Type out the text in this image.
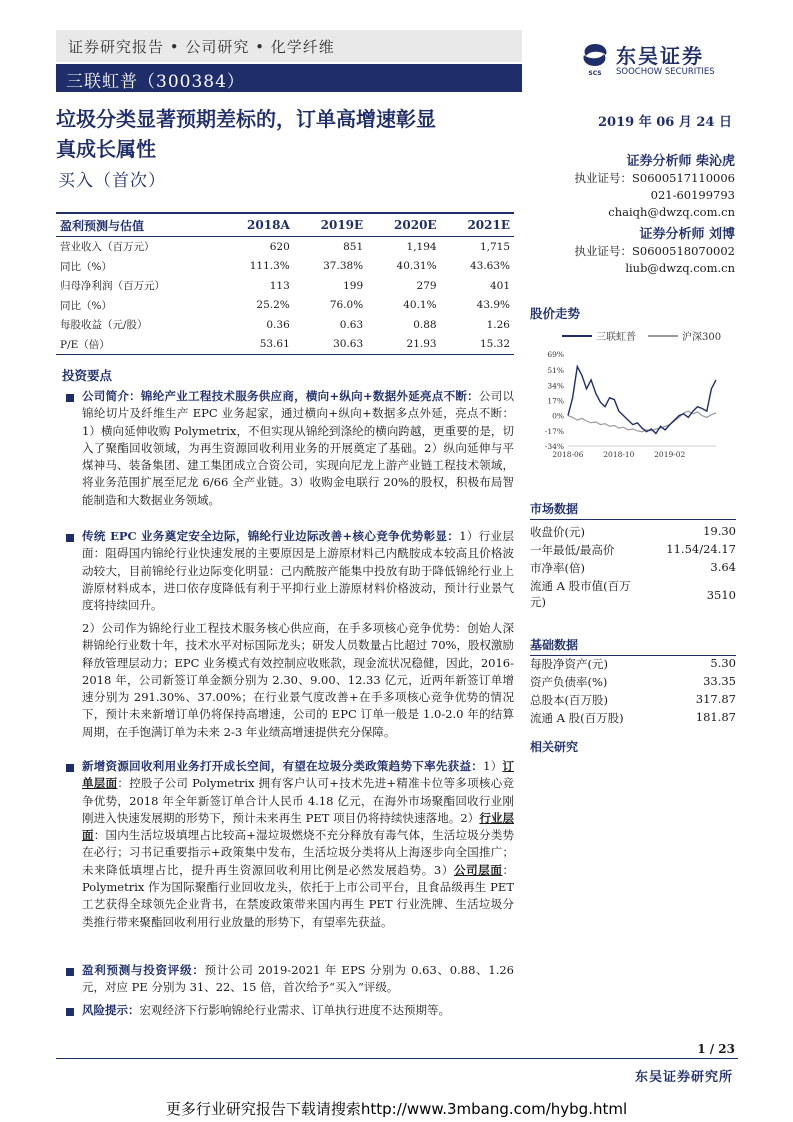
证券研究报告 • 公司研究 • 化学纤维
三联虹普（300384）	SCS
东吴证券
SOOCHOW SECURITIES
垃圾分类显著预期差标的，订单高增速彰显
真成长属性
买入（首次）
2019 年 06 月 24 日
证券分析师 柴沁虎
执业证号：S0600517110006
021-60199793
chaiqh@dwzq.com.cn
证券分析师 刘博
执业证号：S0600518070002
liub@dwzq.com.cn
盈利预测与估值	2018A	2019E	2020E	2021E
营业收入（百万元）	620	851	1,194	1,715
同比（%）	111.3%	37.38%	40.31%	43.63%
归母净利润（百万元）	113	199	279	401
同比（%）	25.2%	76.0%	40.1%	43.9%
每股收益（元/股）	0.36	0.63	0.88	1.26
P/E（倍）	53.61	30.63	21.93	15.32
投资要点
公司简介：锦纶产业工程技术服务供应商，横向+纵向+数据外延亮点不断：公司以锦纶切片及纤维生产 EPC 业务起家，通过横向+纵向+数据多点外延，亮点不断：1）横向延伸收购 Polymetrix，不但实现从锦纶到涤纶的横向跨越，更重要的是，切入了聚酯回收领域，为再生资源回收利用业务的开展奠定了基础。2）纵向延伸与平煤神马、装备集团、建工集团成立合资公司，实现向尼龙上游产业链工程技术领域，将业务范围扩展至尼龙 6/66 全产业链。3）收购金电联行 20%的股权，积极布局智能制造和大数据业务领域。
传统 EPC 业务奠定安全边际，锦纶行业边际改善+核心竞争优势彰显：1）行业层面：阻碍国内锦纶行业快速发展的主要原因是上游原材料己内酰胺成本较高且价格波动较大，目前锦纶行业边际变化明显：己内酰胺产能集中投放有助于降低锦纶行业上游原材料成本，进口依存度降低有利于平抑行业上游原材料价格波动，预计行业景气度将持续回升。
2）公司作为锦纶行业工程技术服务核心供应商，在手多项核心竞争优势：创始人深耕锦纶行业数十年，技术水平对标国际龙头；研发人员数量占比超过 70%，股权激励释放管理层动力；EPC 业务模式有效控制应收账款，现金流状况稳健，因此，2016-2018 年，公司新签订单金额分别为 2.30、9.00、12.33 亿元，近两年新签订单增速分别为 291.30%、37.00%；在行业景气度改善+在手多项核心竞争优势的情况下，预计未来新增订单仍将保持高增速，公司的 EPC 订单一般是 1.0-2.0 年的结算周期，在手饱满订单为未来 2-3 年业绩高增速提供充分保障。
新增资源回收利用业务打开成长空间，有望在垃圾分类政策趋势下率先获益：1）订单层面：控股子公司 Polymetrix 拥有客户认可+技术先进+精准卡位等多项核心竞争优势，2018 年全年新签订单合计人民币 4.18 亿元，在海外市场聚酯回收行业刚刚进入快速发展期的形势下，预计未来再生 PET 项目仍将持续快速落地。2）行业层面：国内生活垃圾填埋占比较高+湿垃圾燃烧不充分释放有毒气体，生活垃圾分类势在必行；习书记重要指示+政策集中发布，生活垃圾分类将从上海逐步向全国推广；未来降低填埋占比，提升再生资源回收利用比例是必然发展趋势。3）公司层面：Polymetrix 作为国际聚酯行业回收龙头，依托于上市公司平台，且食品级再生 PET 工艺获得全球领先企业背书，在禁废政策带来国内再生 PET 行业洗牌、生活垃圾分类推行带来聚酯回收利用行业放量的形势下，有望率先获益。
盈利预测与投资评级：预计公司 2019-2021 年 EPS 分别为 0.63、0.88、1.26 元，对应 PE 分别为 31、22、15 倍，首次给予“买入”评级。
风险提示：宏观经济下行影响锦纶行业需求、订单执行进度不达预期等。
股价走势
三联虹普	沪深300
69%
51%
34%
17%
0%
-17%
-34%
2018-06	2018-10	2019-02
市场数据
收盘价(元)	19.30
一年最低/最高价	11.54/24.17
市净率(倍)	3.64
流通 A 股市值(百万元)	3510
基础数据
每股净资产(元)	5.30
资产负债率(%)	33.35
总股本(百万股)	317.87
流通 A 股(百万股)	181.87
相关研究
1 / 23
东吴证券研究所
更多行业研究报告下载请搜索http://www.3mbang.com/hybg.html
